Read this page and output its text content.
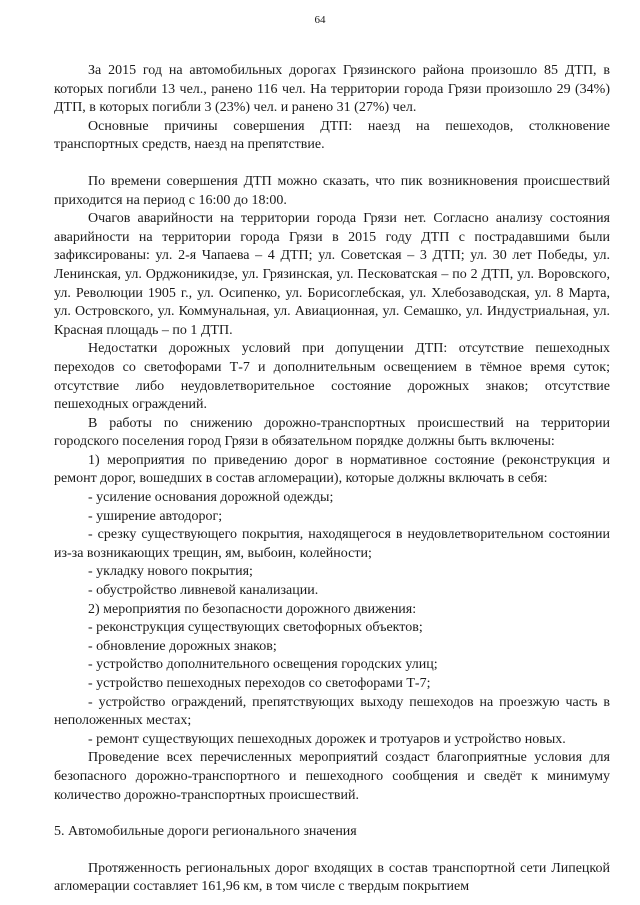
64

За 2015 год на автомобильных дорогах Грязинского района произошло 85 ДТП, в которых погибли 13 чел., ранено 116 чел. На территории города Грязи произошло 29 (34%) ДТП, в которых погибли 3 (23%) чел. и ранено 31 (27%) чел.

Основные причины совершения ДТП: наезд на пешеходов, столкновение транспортных средств, наезд на препятствие.

По времени совершения ДТП можно сказать, что пик возникновения происшествий приходится на период с 16:00 до 18:00.

Очагов аварийности на территории города Грязи нет. Согласно анализу состояния аварийности на территории города Грязи в 2015 году ДТП с пострадавшими были зафиксированы: ул. 2-я Чапаева – 4 ДТП; ул. Советская – 3 ДТП; ул. 30 лет Победы, ул. Ленинская, ул. Орджоникидзе, ул. Грязинская, ул. Песковатская – по 2 ДТП, ул. Воровского, ул. Революции 1905 г., ул. Осипенко, ул. Борисоглебская, ул. Хлебозаводская, ул. 8 Марта, ул. Островского, ул. Коммунальная, ул. Авиационная, ул. Семашко, ул. Индустриальная, ул. Красная площадь – по 1 ДТП.

Недостатки дорожных условий при допущении ДТП: отсутствие пешеходных переходов со светофорами Т-7 и дополнительным освещением в тёмное время суток; отсутствие либо неудовлетворительное состояние дорожных знаков; отсутствие пешеходных ограждений.

В работы по снижению дорожно-транспортных происшествий на территории городского поселения город Грязи в обязательном порядке должны быть включены:

1) мероприятия по приведению дорог в нормативное состояние (реконструкция и ремонт дорог, вошедших в состав агломерации), которые должны включать в себя:

- усиление основания дорожной одежды;

- уширение автодорог;

- срезку существующего покрытия, находящегося в неудовлетворительном состоянии из-за возникающих трещин, ям, выбоин, колейности;

- укладку нового покрытия;

- обустройство ливневой канализации.

2) мероприятия по безопасности дорожного движения:

- реконструкция существующих светофорных объектов;

- обновление дорожных знаков;

- устройство дополнительного освещения городских улиц;

- устройство пешеходных переходов со светофорами Т-7;

- устройство ограждений, препятствующих выходу пешеходов на проезжую часть в неположенных местах;

- ремонт существующих пешеходных дорожек и тротуаров и устройство новых.

Проведение всех перечисленных мероприятий создаст благоприятные условия для безопасного дорожно-транспортного и пешеходного сообщения и сведёт к минимуму количество дорожно-транспортных происшествий.

5. Автомобильные дороги регионального значения

Протяженность региональных дорог входящих в состав транспортной сети Липецкой агломерации составляет 161,96 км, в том числе с твердым покрытием
